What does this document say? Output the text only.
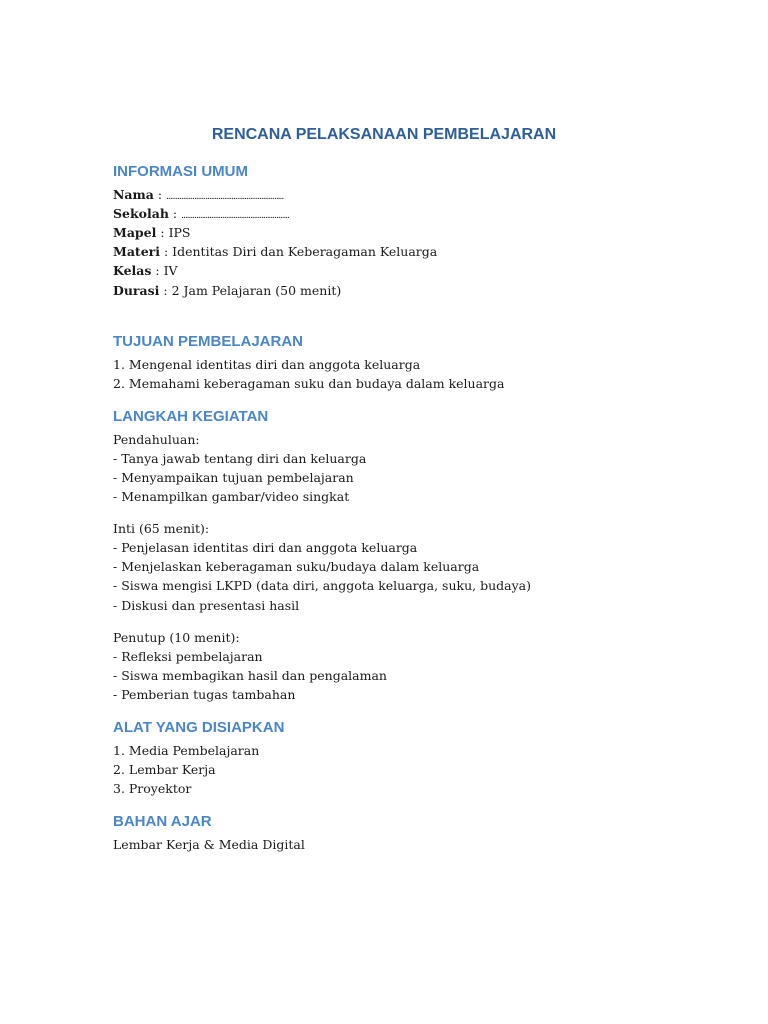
RENCANA PELAKSANAAN PEMBELAJARAN
INFORMASI UMUM
Nama : ...............................................................
Sekolah : ..........................................................
Mapel : IPS
Materi : Identitas Diri dan Keberagaman Keluarga
Kelas : IV
Durasi : 2 Jam Pelajaran (50 menit)
TUJUAN PEMBELAJARAN
1. Mengenal identitas diri dan anggota keluarga
2. Memahami keberagaman suku dan budaya dalam keluarga
LANGKAH KEGIATAN
Pendahuluan:
- Tanya jawab tentang diri dan keluarga
- Menyampaikan tujuan pembelajaran
- Menampilkan gambar/video singkat
Inti (65 menit):
- Penjelasan identitas diri dan anggota keluarga
- Menjelaskan keberagaman suku/budaya dalam keluarga
- Siswa mengisi LKPD (data diri, anggota keluarga, suku, budaya)
- Diskusi dan presentasi hasil
Penutup (10 menit):
- Refleksi pembelajaran
- Siswa membagikan hasil dan pengalaman
- Pemberian tugas tambahan
ALAT YANG DISIAPKAN
1. Media Pembelajaran
2. Lembar Kerja
3. Proyektor
BAHAN AJAR
Lembar Kerja & Media Digital
